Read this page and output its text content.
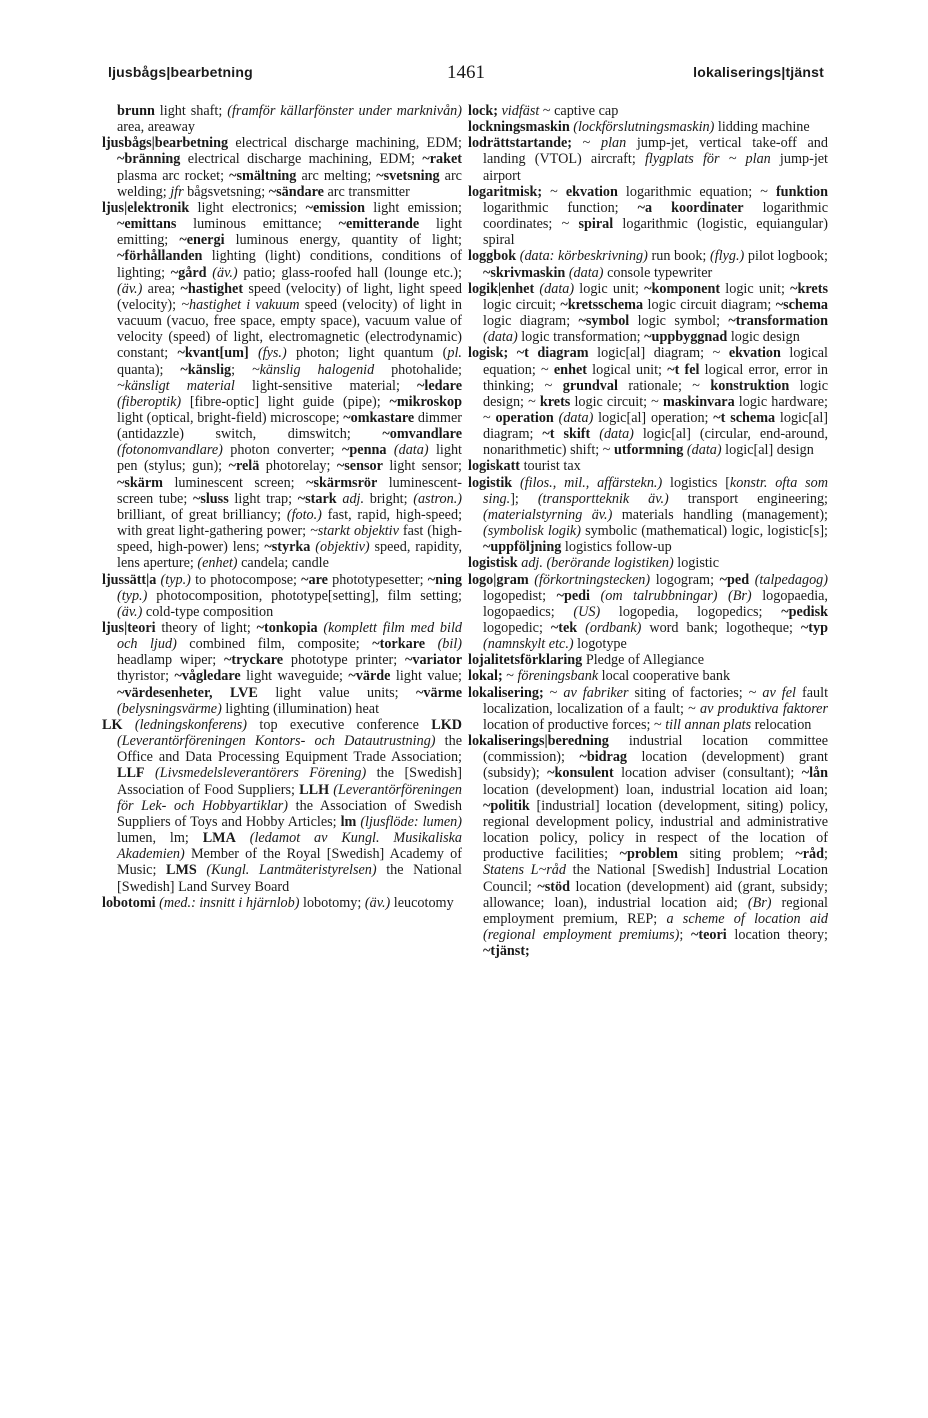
ljusbågs|bearbetning	1461	lokaliserings|tjänst

brunn light shaft; (framför källarfönster under marknivån) area, areaway

ljusbågs|bearbetning electrical discharge machining, EDM; ~bränning electrical discharge machining, EDM; ~raket plasma arc rocket; ~smältning arc melting; ~svetsning arc welding; jfr bågsvetsning; ~sändare arc transmitter

ljus|elektronik light electronics; ~emission light emission; ~emittans luminous emittance; ~emitterande light emitting; ~energi luminous energy, quantity of light; ~förhållanden lighting (light) conditions, conditions of lighting; ~gård (äv.) patio; glass-roofed hall (lounge etc.); (äv.) area; ~hastighet speed (velocity) of light, light speed (velocity); ~hastighet i vakuum speed (velocity) of light in vacuum (vacuo, free space, empty space), vacuum value of velocity (speed) of light, electromagnetic (electrodynamic) constant; ~kvant[um] (fys.) photon; light quantum (pl. quanta); ~känslig; ~känslig halogenid photohalide; ~känsligt material light-sensitive material; ~ledare (fiberoptik) [fibre-optic] light guide (pipe); ~mikroskop light (optical, bright-field) microscope; ~omkastare dimmer (antidazzle) switch, dimswitch; ~omvandlare (fotonomvandlare) photon converter; ~penna (data) light pen (stylus; gun); ~relä photorelay; ~sensor light sensor; ~skärm luminescent screen; ~skärmsrör luminescent-screen tube; ~sluss light trap; ~stark adj. bright; (astron.) brilliant, of great brilliancy; (foto.) fast, rapid, high-speed; with great light-gathering power; ~starkt objektiv fast (high-speed, high-power) lens; ~styrka (objektiv) speed, rapidity, lens aperture; (enhet) candela; candle

ljussätt|a (typ.) to photocompose; ~are phototypesetter; ~ning (typ.) photocomposition, phototype[setting], film setting; (äv.) cold-type composition

ljus|teori theory of light; ~tonkopia (komplett film med bild och ljud) combined film, composite; ~torkare (bil) headlamp wiper; ~tryckare phototype printer; ~variator thyristor; ~vågledare light waveguide; ~värde light value; ~värdesenheter, LVE light value units; ~värme (belysningsvärme) lighting (illumination) heat

LK (ledningskonferens) top executive conference LKD (Leverantörföreningen Kontors- och Datautrustning) the Office and Data Processing Equipment Trade Association; LLF (Livsmedelsleverantörers Förening) the [Swedish] Association of Food Suppliers; LLH (Leverantörföreningen för Lek- och Hobbyartiklar) the Association of Swedish Suppliers of Toys and Hobby Articles; lm (ljusflöde: lumen) lumen, lm; LMA (ledamot av Kungl. Musikaliska Akademien) Member of the Royal [Swedish] Academy of Music; LMS (Kungl. Lantmäteristyrelsen) the National [Swedish] Land Survey Board

lobotomi (med.: insnitt i hjärnlob) lobotomy; (äv.) leucotomy

lock; vidfäst ~ captive cap

lockningsmaskin (lockförslutningsmaskin) lidding machine

lodrättstartande; ~ plan jump-jet, vertical take-off and landing (VTOL) aircraft; flygplats för ~ plan jump-jet airport

logaritmisk; ~ ekvation logarithmic equation; ~ funktion logarithmic function; ~a koordinater logarithmic coordinates; ~ spiral logarithmic (logistic, equiangular) spiral

loggbok (data: körbeskrivning) run book; (flyg.) pilot logbook; ~skrivmaskin (data) console typewriter

logik|enhet (data) logic unit; ~komponent logic unit; ~krets logic circuit; ~kretsschema logic circuit diagram; ~schema logic diagram; ~symbol logic symbol; ~transformation (data) logic transformation; ~uppbyggnad logic design

logisk; ~t diagram logic[al] diagram; ~ ekvation logical equation; ~ enhet logical unit; ~t fel logical error, error in thinking; ~ grundval rationale; ~ konstruktion logic design; ~ krets logic circuit; ~ maskinvara logic hardware; ~ operation (data) logic[al] operation; ~t schema logic[al] diagram; ~t skift (data) logic[al] (circular, end-around, nonarithmetic) shift; ~ utformning (data) logic[al] design

logiskatt tourist tax

logistik (filos., mil., affärstekn.) logistics [konstr. ofta som sing.]; (transportteknik äv.) transport engineering; (materialstyrning äv.) materials handling (management); (symbolisk logik) symbolic (mathematical) logic, logistic[s]; ~uppföljning logistics follow-up

logistisk adj. (berörande logistiken) logistic

logo|gram (förkortningstecken) logogram; ~ped (talpedagog) logopedist; ~pedi (om talrubbningar) (Br) logopaedia, logopaedics; (US) logopedia, logopedics; ~pedisk logopedic; ~tek (ordbank) word bank; logotheque; ~typ (namnskylt etc.) logotype

lojalitetsförklaring Pledge of Allegiance

lokal; ~ föreningsbank local cooperative bank

lokalisering; ~ av fabriker siting of factories; ~ av fel fault localization, localization of a fault; ~ av produktiva faktorer location of productive forces; ~ till annan plats relocation

lokaliserings|beredning industrial location committee (commission); ~bidrag location (development) grant (subsidy); ~konsulent location adviser (consultant); ~lån location (development) loan, industrial location aid loan; ~politik [industrial] location (development, siting) policy, regional development policy, industrial and administrative location policy, policy in respect of the location of productive facilities; ~problem siting problem; ~råd; Statens L~råd the National [Swedish] Industrial Location Council; ~stöd location (development) aid (grant, subsidy; allowance; loan), industrial location aid; (Br) regional employment premium, REP; a scheme of location aid (regional employment premiums); ~teori location theory; ~tjänst;
